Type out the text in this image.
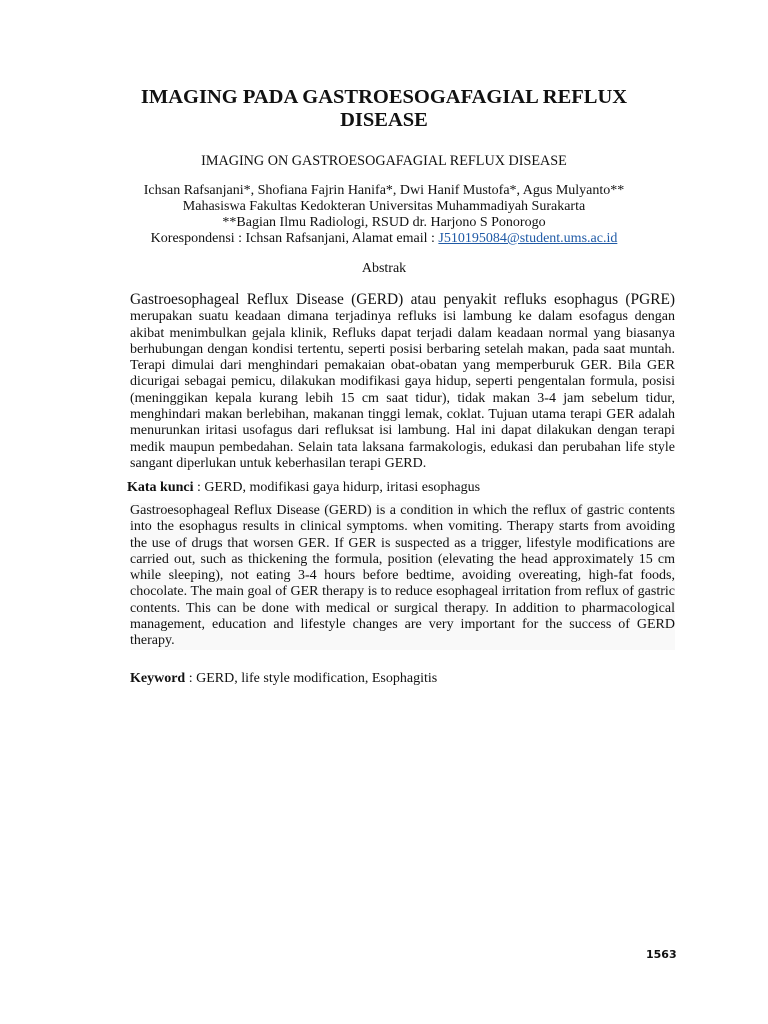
IMAGING PADA GASTROESOGAFAGIAL REFLUX DISEASE

IMAGING ON GASTROESOGAFAGIAL REFLUX DISEASE

Ichsan Rafsanjani*, Shofiana Fajrin Hanifa*, Dwi Hanif Mustofa*, Agus Mulyanto**
Mahasiswa Fakultas Kedokteran Universitas Muhammadiyah Surakarta
**Bagian Ilmu Radiologi, RSUD dr. Harjono S Ponorogo
Korespondensi : Ichsan Rafsanjani, Alamat email : J510195084@student.ums.ac.id

Abstrak

Gastroesophageal Reflux Disease (GERD) atau penyakit refluks esophagus (PGRE) merupakan suatu keadaan dimana terjadinya refluks isi lambung ke dalam esofagus dengan akibat menimbulkan gejala klinik, Refluks dapat terjadi dalam keadaan normal yang biasanya berhubungan dengan kondisi tertentu, seperti posisi berbaring setelah makan, pada saat muntah. Terapi dimulai dari menghindari pemakaian obat-obatan yang memperburuk GER. Bila GER dicurigai sebagai pemicu, dilakukan modifikasi gaya hidup, seperti pengentalan formula, posisi (meninggikan kepala kurang lebih 15 cm saat tidur), tidak makan 3-4 jam sebelum tidur, menghindari makan berlebihan, makanan tinggi lemak, coklat. Tujuan utama terapi GER adalah menurunkan iritasi usofagus dari refluksat isi lambung. Hal ini dapat dilakukan dengan terapi medik maupun pembedahan. Selain tata laksana farmakologis, edukasi dan perubahan life style sangant diperlukan untuk keberhasilan terapi GERD.

Kata kunci : GERD, modifikasi gaya hidurp, iritasi esophagus

Gastroesophageal Reflux Disease (GERD) is a condition in which the reflux of gastric contents into the esophagus results in clinical symptoms. when vomiting. Therapy starts from avoiding the use of drugs that worsen GER. If GER is suspected as a trigger, lifestyle modifications are carried out, such as thickening the formula, position (elevating the head approximately 15 cm while sleeping), not eating 3-4 hours before bedtime, avoiding overeating, high-fat foods, chocolate. The main goal of GER therapy is to reduce esophageal irritation from reflux of gastric contents. This can be done with medical or surgical therapy. In addition to pharmacological management, education and lifestyle changes are very important for the success of GERD therapy.

Keyword : GERD, life style modification, Esophagitis
1563
